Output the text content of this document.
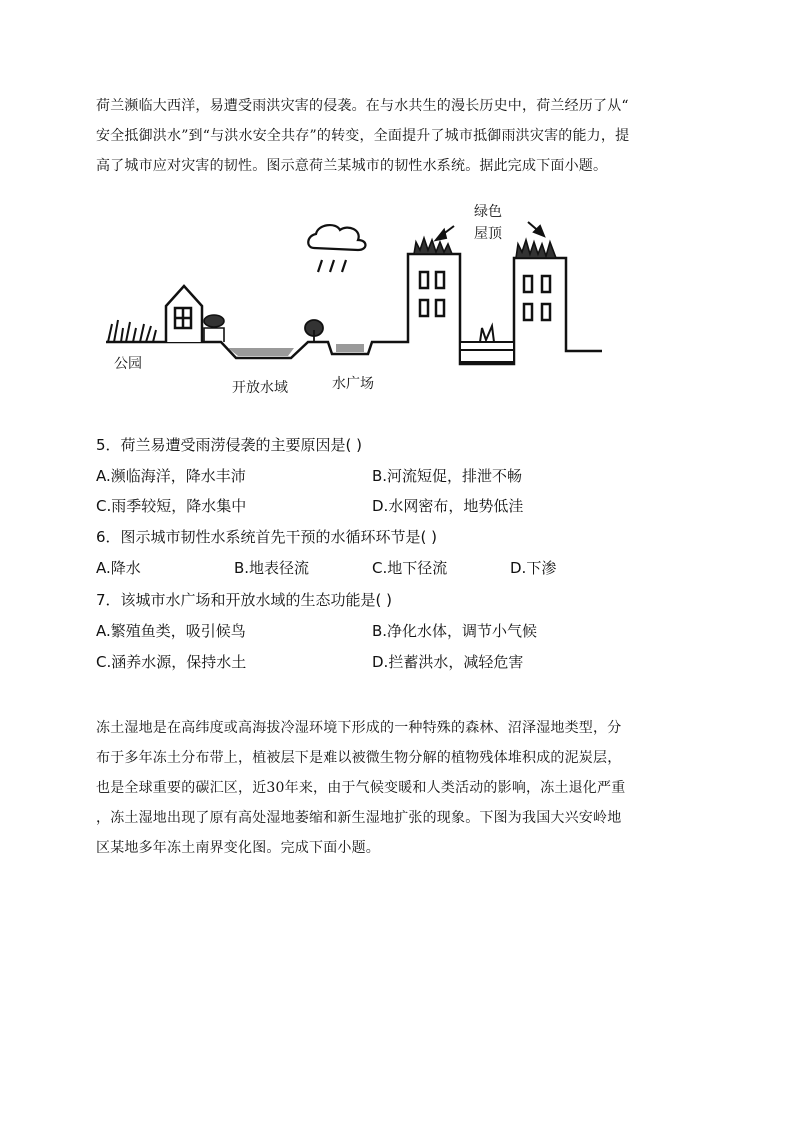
荷兰濒临大西洋，易遭受雨洪灾害的侵袭。在与水共生的漫长历史中，荷兰经历了从“
安全抵御洪水”到“与洪水安全共存”的转变，全面提升了城市抵御雨洪灾害的能力，提
高了城市应对灾害的韧性。图示意荷兰某城市的韧性水系统。据此完成下面小题。
公园
开放水域	水广场
绿色
屋顶
5．荷兰易遭受雨涝侵袭的主要原因是( )
A.濒临海洋，降水丰沛	B.河流短促，排泄不畅
C.雨季较短，降水集中	D.水网密布，地势低洼
6．图示城市韧性水系统首先干预的水循环环节是( )
A.降水	B.地表径流	C.地下径流	D.下渗
7．该城市水广场和开放水域的生态功能是( )
A.繁殖鱼类，吸引候鸟	B.净化水体，调节小气候
C.涵养水源，保持水土	D.拦蓄洪水，减轻危害
冻土湿地是在高纬度或高海拔冷湿环境下形成的一种特殊的森林、沼泽湿地类型，分
布于多年冻土分布带上，植被层下是难以被微生物分解的植物残体堆积成的泥炭层，
也是全球重要的碳汇区，近30年来，由于气候变暖和人类活动的影响，冻土退化严重
，冻土湿地出现了原有高处湿地萎缩和新生湿地扩张的现象。下图为我国大兴安岭地
区某地多年冻土南界变化图。完成下面小题。
